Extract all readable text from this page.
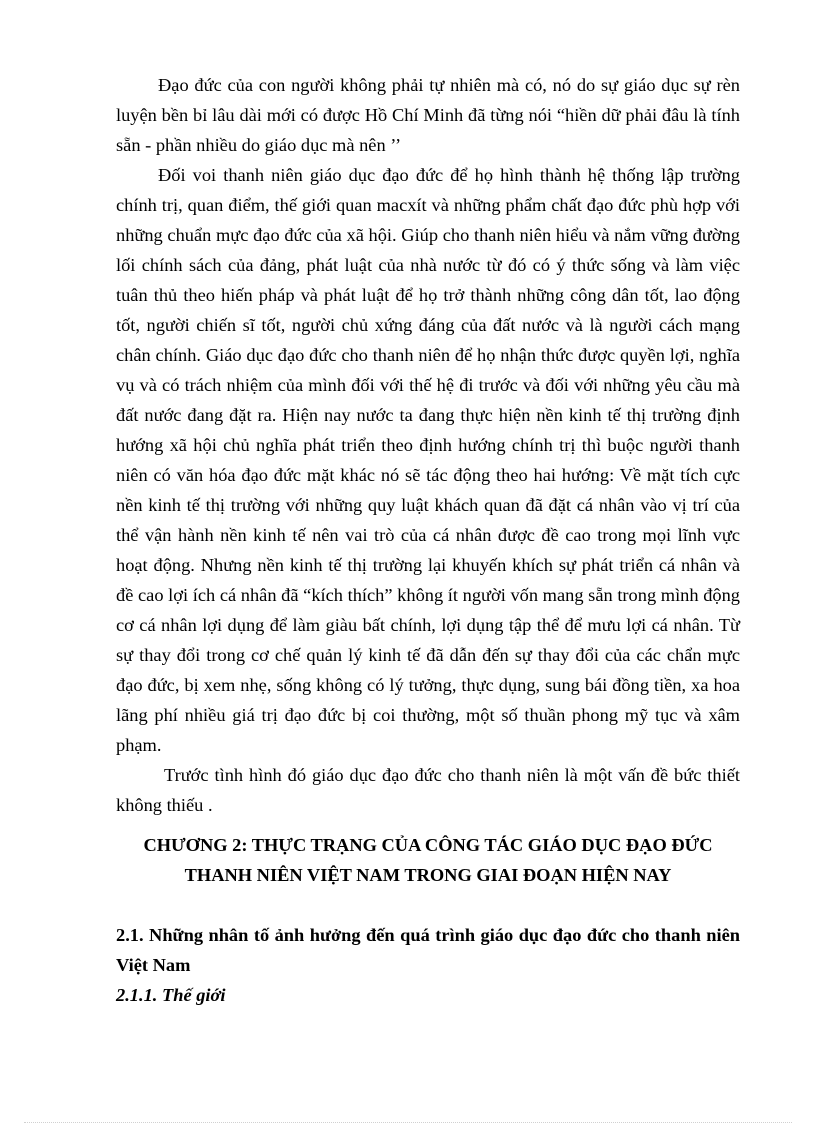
Đạo đức của con người không phải tự nhiên mà có, nó do sự giáo dục sự rèn luyện bền bỉ lâu dài mới có được Hồ Chí Minh đã từng nói “hiền dữ phải đâu là tính sẵn - phần nhiều do giáo dục mà nên ’’

Đối voi thanh niên giáo dục đạo đức để họ hình thành hệ thống lập trường chính trị, quan điểm, thế giới quan macxít và những phẩm chất đạo đức phù hợp với những chuẩn mực đạo đức của xã hội. Giúp cho thanh niên hiểu và nắm vững đường lối chính sách của đảng, phát luật của nhà nước từ đó có ý thức sống và làm việc tuân thủ theo hiến pháp và phát luật để họ trở thành những công dân tốt, lao động tốt, người chiến sĩ tốt, người chủ xứng đáng của đất nước và là người cách mạng chân chính. Giáo dục đạo đức cho thanh niên để họ nhận thức được quyền lợi, nghĩa vụ và có trách nhiệm của mình đối với thế hệ đi trước và đối với những yêu cầu mà đất nước đang đặt ra. Hiện nay nước ta đang thực hiện nền kinh tế thị trường định hướng xã hội chủ nghĩa phát triển theo định hướng chính trị thì buộc người thanh niên có văn hóa đạo đức mặt khác nó sẽ tác động theo hai hướng: Về mặt tích cực nền kinh tế thị trường với những quy luật khách quan đã đặt cá nhân vào vị trí của thể vận hành nền kinh tế nên vai trò của cá nhân được đề cao trong mọi lĩnh vực hoạt động. Nhưng nền kinh tế thị trường lại khuyến khích sự phát triển cá nhân và đề cao lợi ích cá nhân đã “kích thích” không ít người vốn mang sẵn trong mình động cơ cá nhân lợi dụng để làm giàu bất chính, lợi dụng tập thể để mưu lợi cá nhân. Từ sự thay đổi trong cơ chế quản lý kinh tế đã dẫn đến sự thay đổi của các chẩn mực đạo đức, bị xem nhẹ, sống không có lý tưởng, thực dụng, sung bái đồng tiền, xa hoa lãng phí nhiều giá trị đạo đức bị coi thường, một số thuần phong mỹ tục và xâm phạm.

Trước tình hình đó giáo dục đạo đức cho thanh niên là một vấn đề bức thiết không thiếu .

CHƯƠNG 2: THỰC TRẠNG CỦA CÔNG TÁC GIÁO DỤC ĐẠO ĐỨC THANH NIÊN VIỆT NAM TRONG GIAI ĐOẠN HIỆN NAY
2.1. Những nhân tố ảnh hưởng đến quá trình giáo dục đạo đức cho thanh niên Việt Nam
2.1.1. Thế giới
